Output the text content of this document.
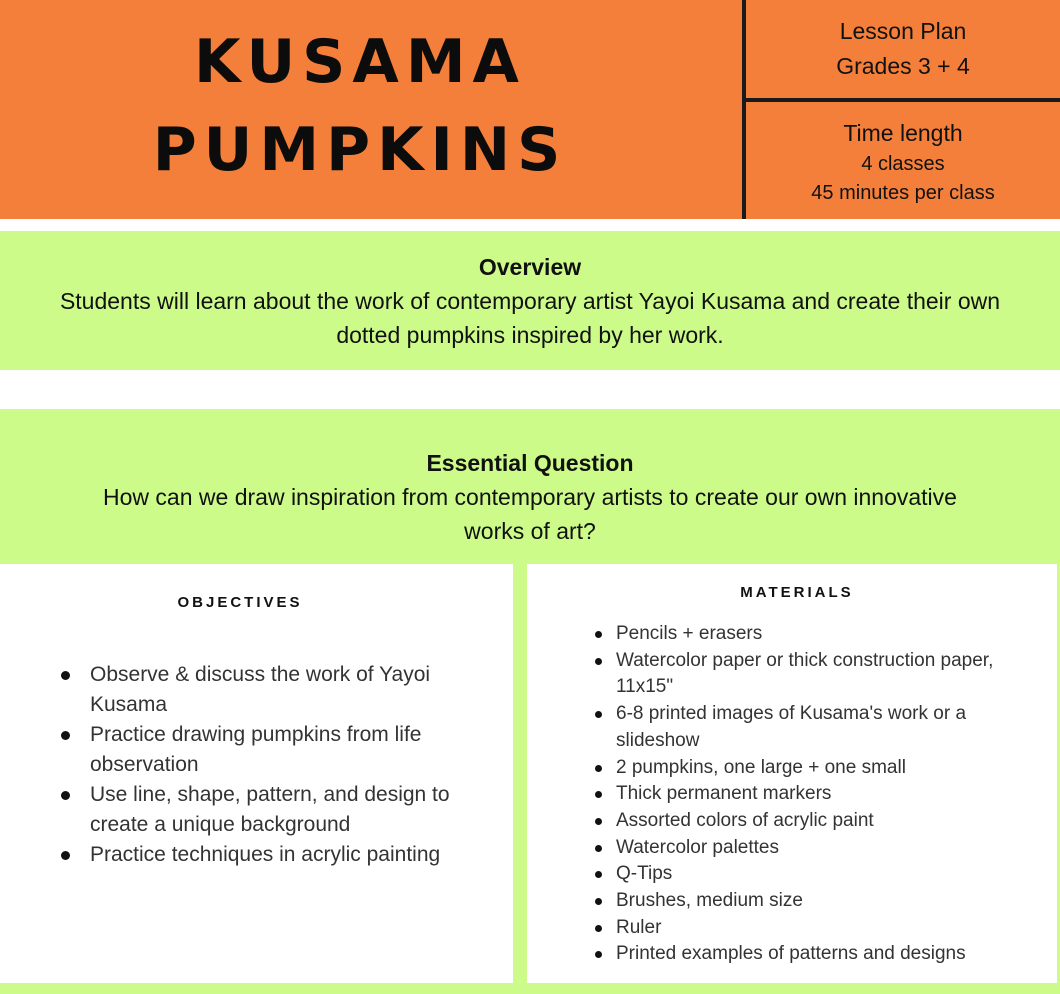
KUSAMA
PUMPKINS
Lesson Plan
Grades 3 + 4
Time length
4 classes
45 minutes per class
Overview
Students will learn about the work of contemporary artist Yayoi Kusama and create their own dotted pumpkins inspired by her work.
Essential Question
How can we draw inspiration from contemporary artists to create our own innovative works of art?
OBJECTIVES
Observe & discuss the work of Yayoi Kusama
Practice drawing pumpkins from life observation
Use line, shape, pattern, and design to create a unique background
Practice techniques in acrylic painting
MATERIALS
Pencils + erasers
Watercolor paper or thick construction paper, 11x15"
6-8 printed images of Kusama's work or a slideshow
2 pumpkins, one large + one small
Thick permanent markers
Assorted colors of acrylic paint
Watercolor palettes
Q-Tips
Brushes, medium size
Ruler
Printed examples of patterns and designs
